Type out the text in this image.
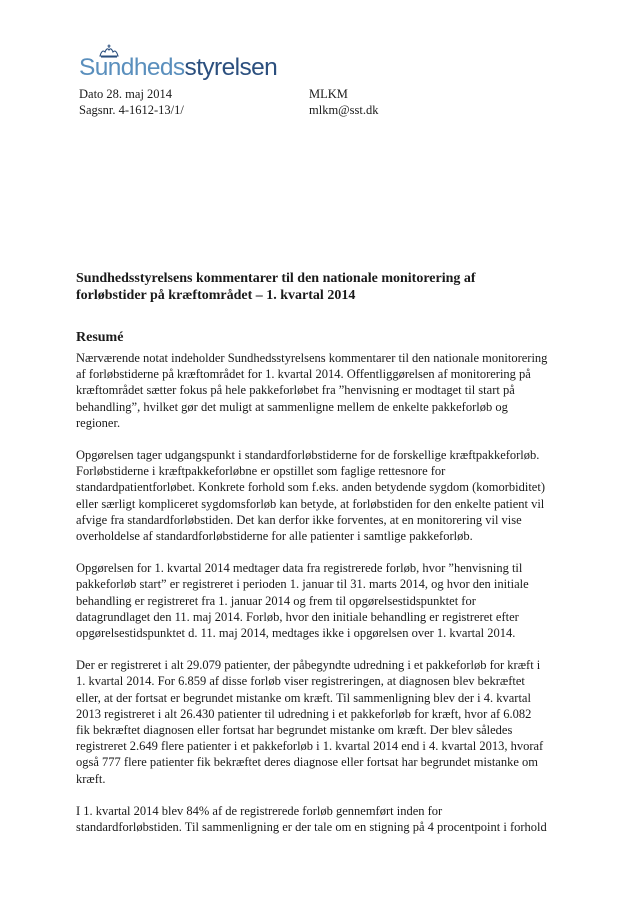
Sundhedsstyrelsen
Dato 28. maj 2014
Sagsnr. 4-1612-13/1/
MLKM
mlkm@sst.dk
Sundhedsstyrelsens kommentarer til den nationale monitorering af
forløbstider på kræftområdet – 1. kvartal 2014
Resumé

Nærværende notat indeholder Sundhedsstyrelsens kommentarer til den nationale monitorering
af forløbstiderne på kræftområdet for 1. kvartal 2014. Offentliggørelsen af monitorering på
kræftområdet sætter fokus på hele pakkeforløbet fra ”henvisning er modtaget til start på
behandling”, hvilket gør det muligt at sammenligne mellem de enkelte pakkeforløb og
regioner.

Opgørelsen tager udgangspunkt i standardforløbstiderne for de forskellige kræftpakkeforløb.
Forløbstiderne i kræftpakkeforløbne er opstillet som faglige rettesnore for
standardpatientforløbet. Konkrete forhold som f.eks. anden betydende sygdom (komorbiditet)
eller særligt kompliceret sygdomsforløb kan betyde, at forløbstiden for den enkelte patient vil
afvige fra standardforløbstiden. Det kan derfor ikke forventes, at en monitorering vil vise
overholdelse af standardforløbstiderne for alle patienter i samtlige pakkeforløb.

Opgørelsen for 1. kvartal 2014 medtager data fra registrerede forløb, hvor ”henvisning til
pakkeforløb start” er registreret i perioden 1. januar til 31. marts 2014, og hvor den initiale
behandling er registreret fra 1. januar 2014 og frem til opgørelsestidspunktet for
datagrundlaget den 11. maj 2014. Forløb, hvor den initiale behandling er registreret efter
opgørelsestidspunktet d. 11. maj 2014, medtages ikke i opgørelsen over 1. kvartal 2014.

Der er registreret i alt 29.079 patienter, der påbegyndte udredning i et pakkeforløb for kræft i
1. kvartal 2014. For 6.859 af disse forløb viser registreringen, at diagnosen blev bekræftet
eller, at der fortsat er begrundet mistanke om kræft. Til sammenligning blev der i 4. kvartal
2013 registreret i alt 26.430 patienter til udredning i et pakkeforløb for kræft, hvor af 6.082
fik bekræftet diagnosen eller fortsat har begrundet mistanke om kræft. Der blev således
registreret 2.649 flere patienter i et pakkeforløb i 1. kvartal 2014 end i 4. kvartal 2013, hvoraf
også 777 flere patienter fik bekræftet deres diagnose eller fortsat har begrundet mistanke om
kræft.

I 1. kvartal 2014 blev 84% af de registrerede forløb gennemført inden for
standardforløbstiden. Til sammenligning er der tale om en stigning på 4 procentpoint i forhold
